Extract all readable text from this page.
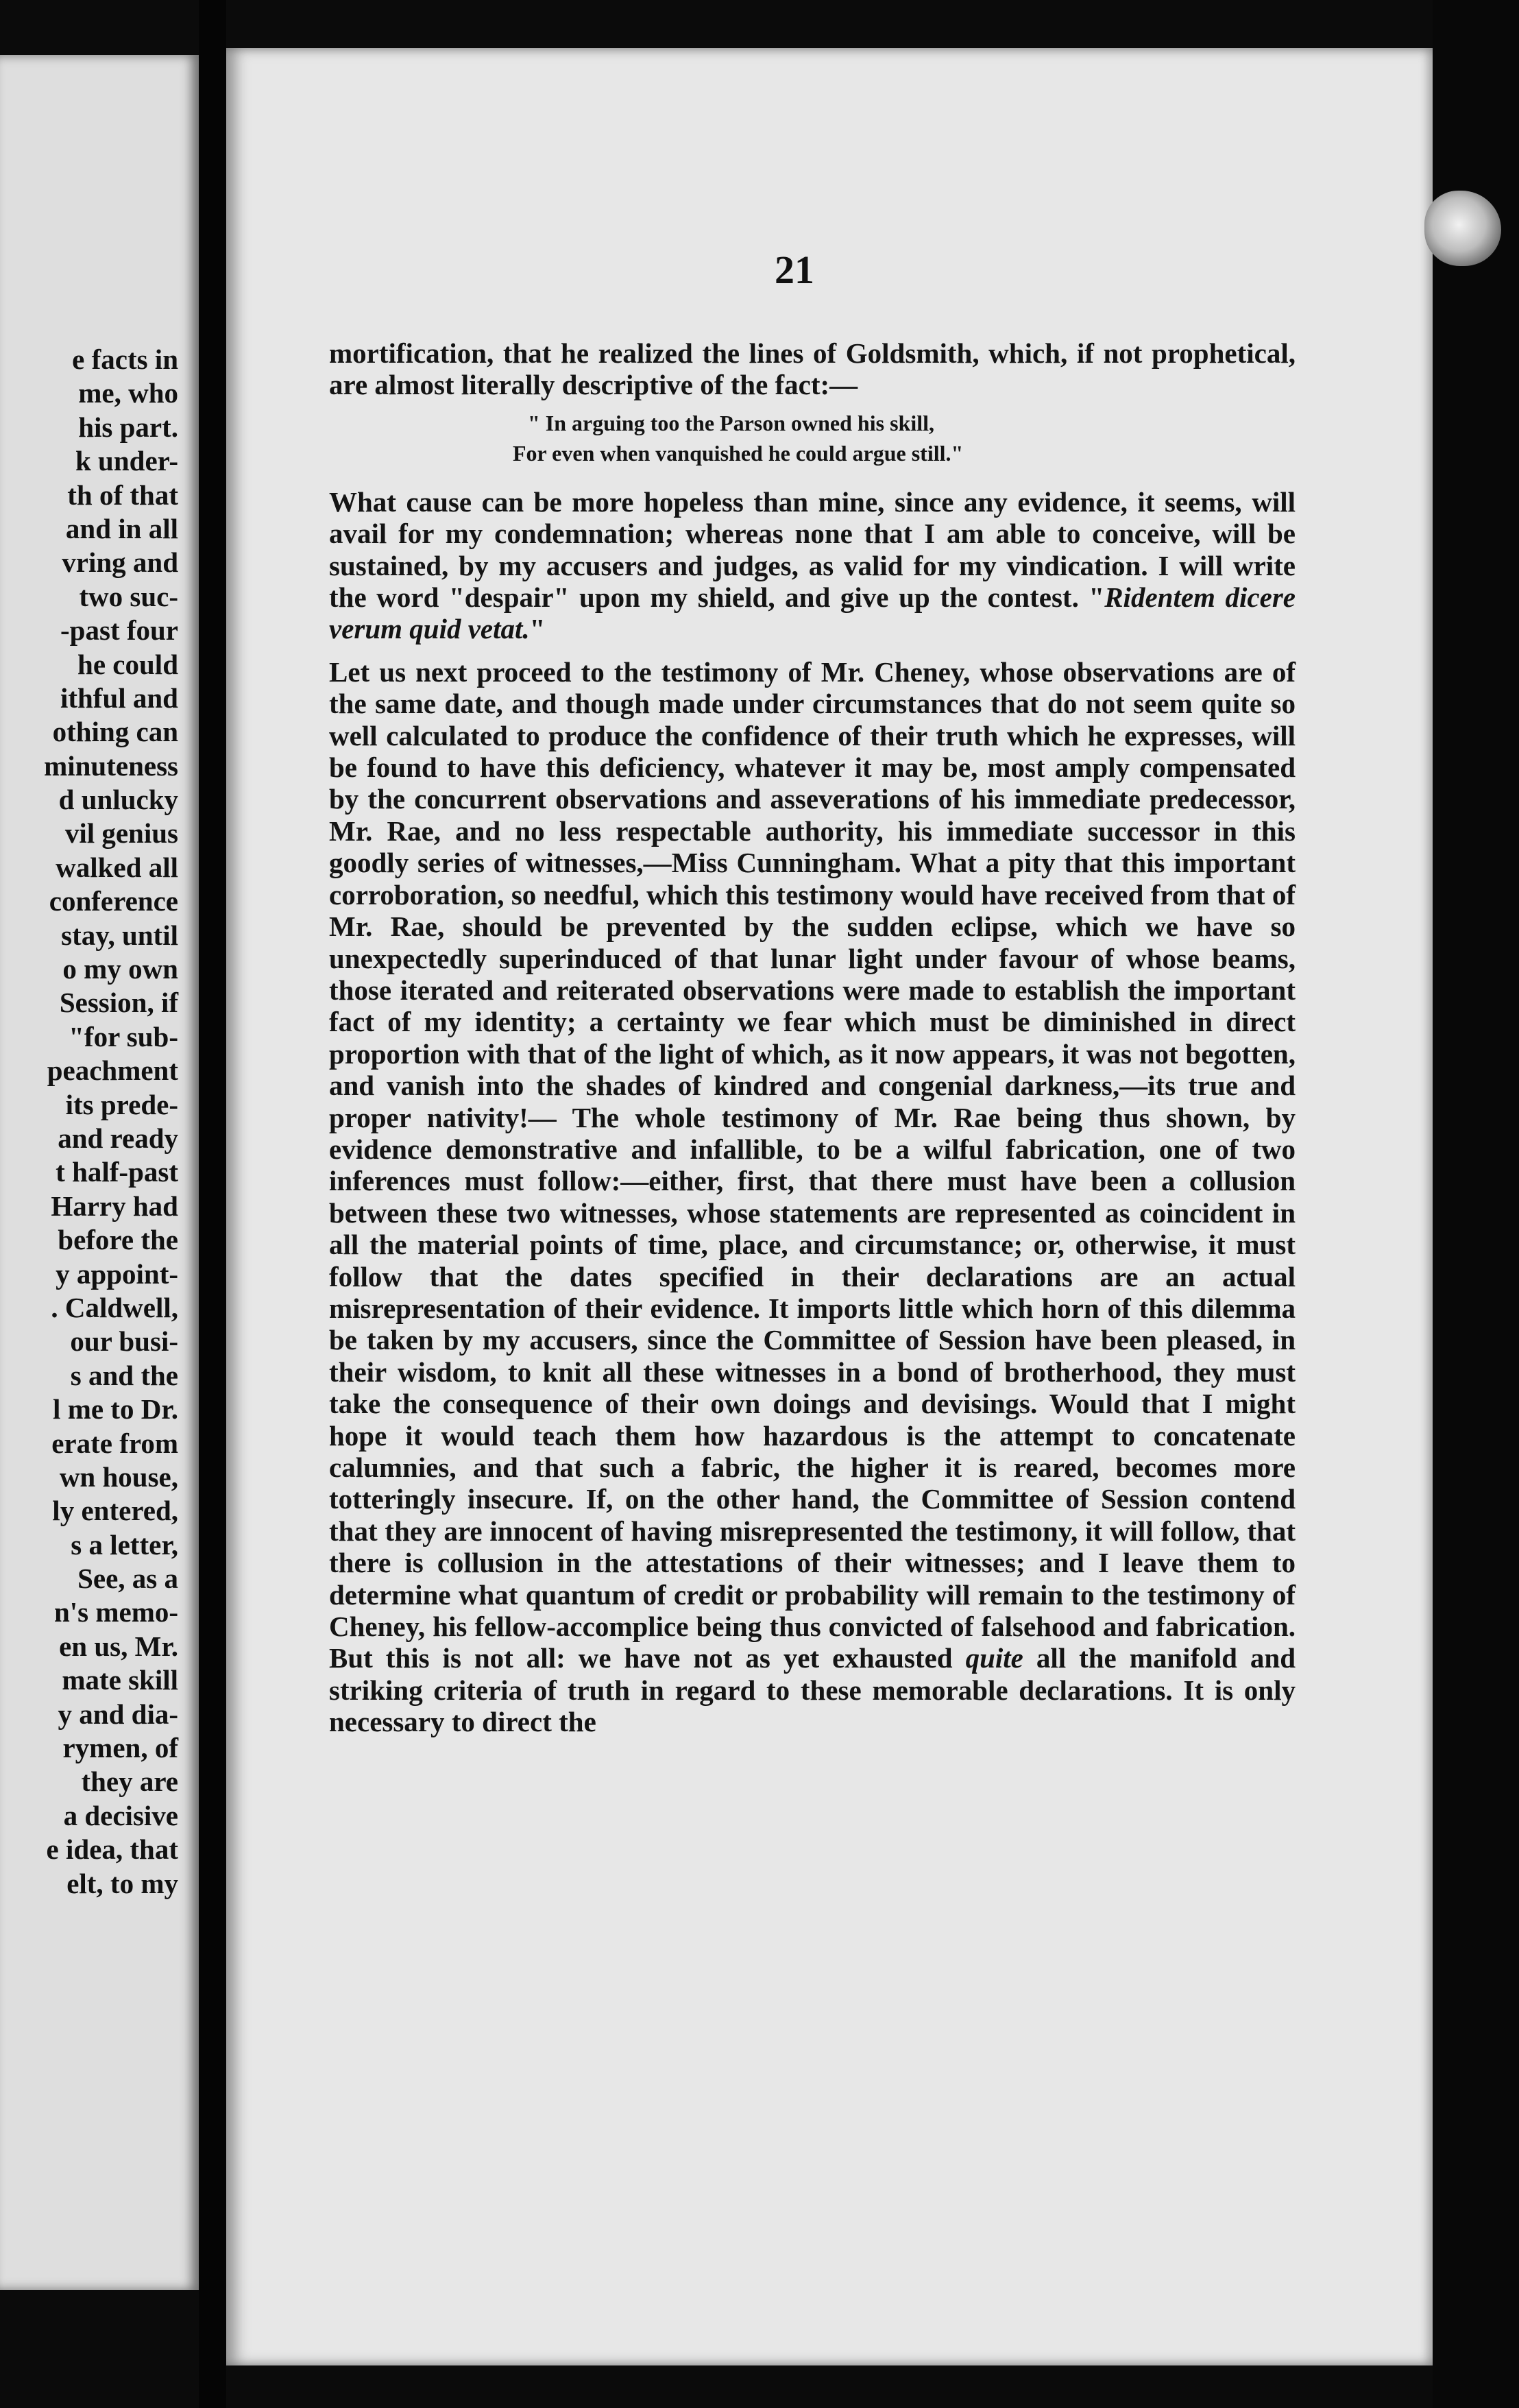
e facts in
me, who
his part.
k under-
th of that
and in all
vring and
two suc-
-past four
he could
ithful and
othing can
minuteness
d unlucky
vil genius
walked all
conference
stay, until
o my own
Session, if
"for sub-
peachment
its prede-
and ready
t half-past
Harry had
before the
y appoint-
. Caldwell,
our busi-
s and the
l me to Dr.
erate from
wn house,
ly entered,
s a letter,
See, as a
n's memo-
en us, Mr.
mate skill
y and dia-
rymen, of
they are
a decisive
e idea, that
elt, to my
21

mortification, that he realized the lines of Goldsmith, which, if not prophetical, are almost literally descriptive of the fact:—

" In arguing too the Parson owned his skill,
For even when vanquished he could argue still."

What cause can be more hopeless than mine, since any evidence, it seems, will avail for my condemnation; whereas none that I am able to conceive, will be sustained, by my accusers and judges, as valid for my vindication. I will write the word "despair" upon my shield, and give up the contest. "Ridentem dicere verum quid vetat."

Let us next proceed to the testimony of Mr. Cheney, whose observations are of the same date, and though made under circumstances that do not seem quite so well calculated to produce the confidence of their truth which he expresses, will be found to have this deficiency, whatever it may be, most amply compensated by the concurrent observations and asseverations of his immediate predecessor, Mr. Rae, and no less respectable authority, his immediate successor in this goodly series of witnesses,—Miss Cunningham. What a pity that this important corroboration, so needful, which this testimony would have received from that of Mr. Rae, should be prevented by the sudden eclipse, which we have so unexpectedly superinduced of that lunar light under favour of whose beams, those iterated and reiterated observations were made to establish the important fact of my identity; a certainty we fear which must be diminished in direct proportion with that of the light of which, as it now appears, it was not begotten, and vanish into the shades of kindred and congenial darkness,—its true and proper nativity!— The whole testimony of Mr. Rae being thus shown, by evidence demonstrative and infallible, to be a wilful fabrication, one of two inferences must follow:—either, first, that there must have been a collusion between these two witnesses, whose statements are represented as coincident in all the material points of time, place, and circumstance; or, otherwise, it must follow that the dates specified in their declarations are an actual misrepresentation of their evidence. It imports little which horn of this dilemma be taken by my accusers, since the Committee of Session have been pleased, in their wisdom, to knit all these witnesses in a bond of brotherhood, they must take the consequence of their own doings and devisings. Would that I might hope it would teach them how hazardous is the attempt to concatenate calumnies, and that such a fabric, the higher it is reared, becomes more totteringly insecure. If, on the other hand, the Committee of Session contend that they are innocent of having misrepresented the testimony, it will follow, that there is collusion in the attestations of their witnesses; and I leave them to determine what quantum of credit or probability will remain to the testimony of Cheney, his fellow-accomplice being thus convicted of falsehood and fabrication. But this is not all: we have not as yet exhausted quite all the manifold and striking criteria of truth in regard to these memorable declarations. It is only necessary to direct the
